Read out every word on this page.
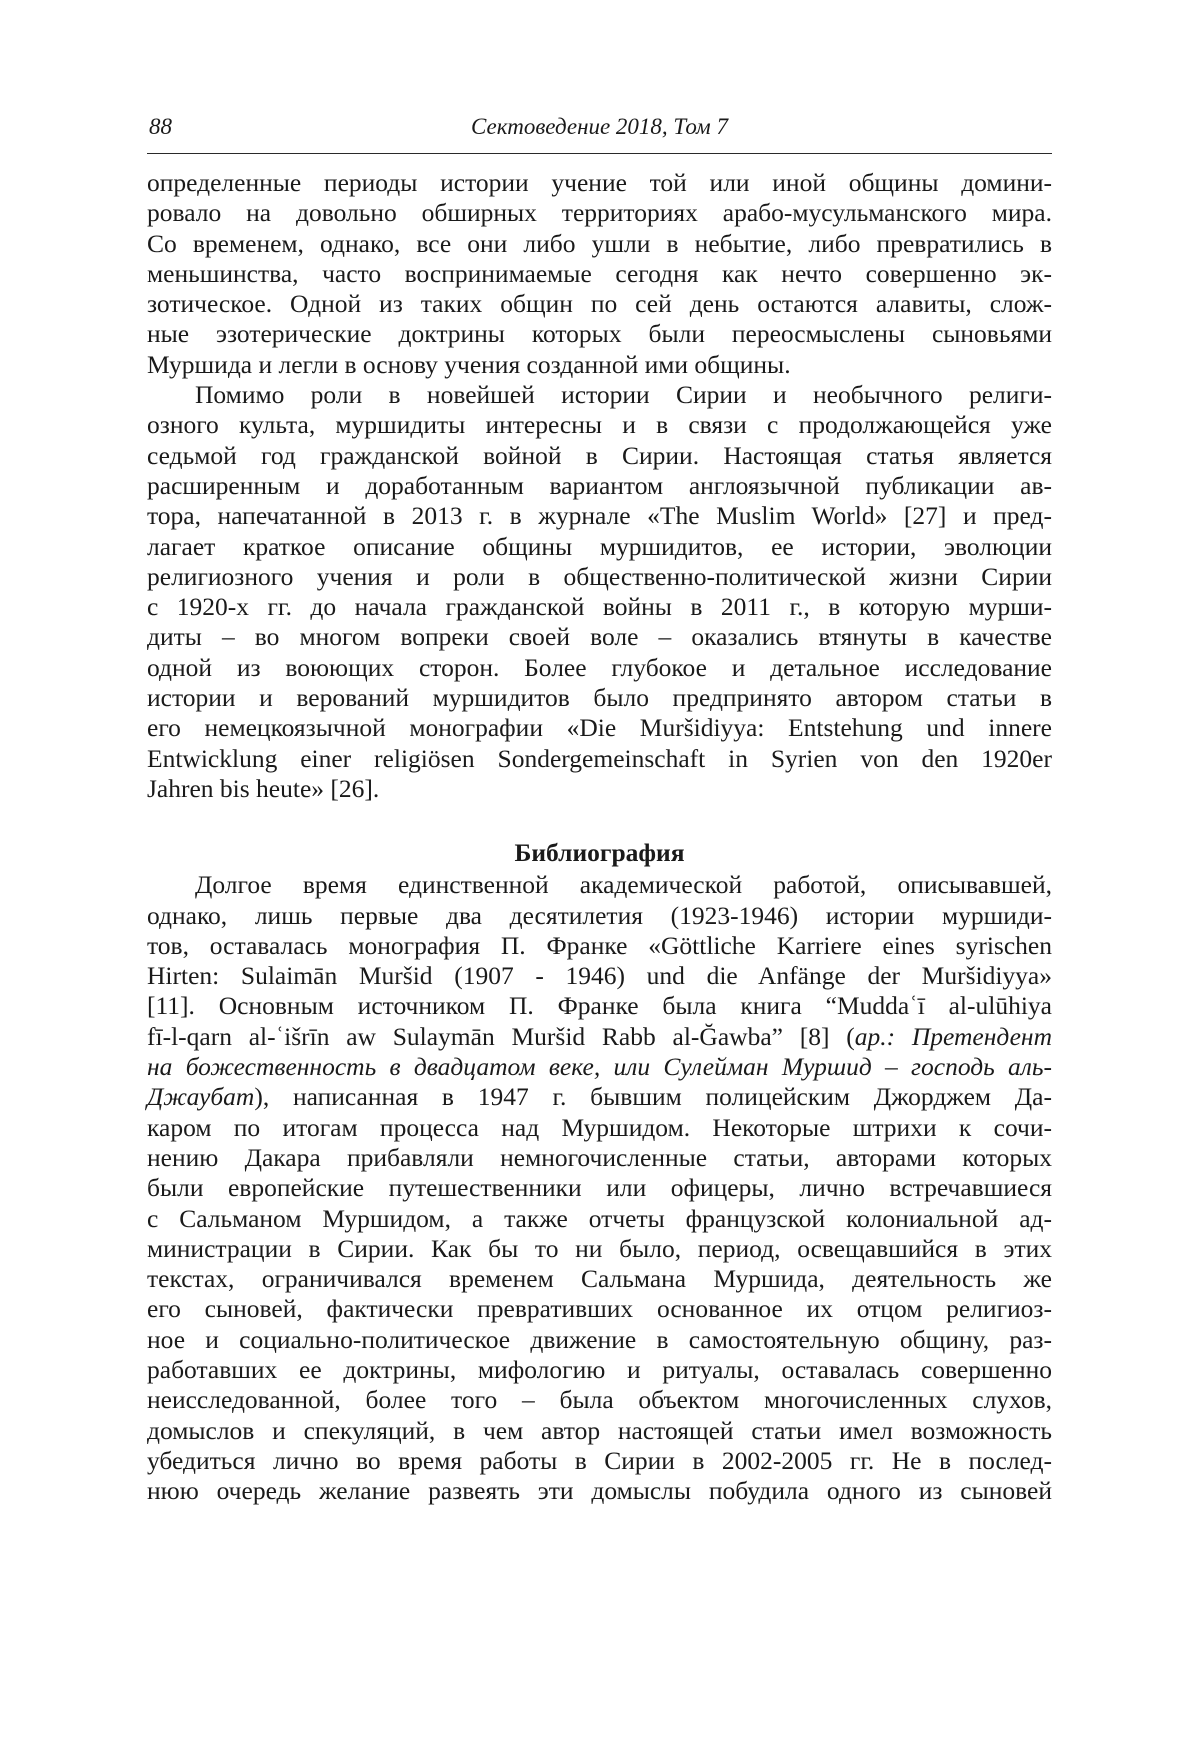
88	Сектоведение 2018, Том 7

определенные периоды истории учение той или иной общины домини-
ровало на довольно обширных территориях арабо-мусульманского мира.
Со временем, однако, все они либо ушли в небытие, либо превратились в
меньшинства, часто воспринимаемые сегодня как нечто совершенно эк-
зотическое. Одной из таких общин по сей день остаются алавиты, слож-
ные эзотерические доктрины которых были переосмыслены сыновьями
Муршида и легли в основу учения созданной ими общины.

Помимо роли в новейшей истории Сирии и необычного религи-
озного культа, муршидиты интересны и в связи с продолжающейся уже
седьмой год гражданской войной в Сирии. Настоящая статья является
расширенным и доработанным вариантом англоязычной публикации ав-
тора, напечатанной в 2013 г. в журнале «The Muslim World» [27] и пред-
лагает краткое описание общины муршидитов, ее истории, эволюции
религиозного учения и роли в общественно-политической жизни Сирии
с 1920-х гг. до начала гражданской войны в 2011 г., в которую мурши-
диты – во многом вопреки своей воле – оказались втянуты в качестве
одной из воюющих сторон. Более глубокое и детальное исследование
истории и верований муршидитов было предпринято автором статьи в
его немецкоязычной монографии «Die Muršidiyya: Entstehung und innere
Entwicklung einer religiösen Sondergemeinschaft in Syrien von den 1920er
Jahren bis heute» [26].

Библиография

Долгое время единственной академической работой, описывавшей,
однако, лишь первые два десятилетия (1923-1946) истории муршиди-
тов, оставалась монография П. Франке «Göttliche Karriere eines syrischen
Hirten: Sulaimān Muršid (1907 - 1946) und die Anfänge der Muršidiyya»
[11]. Основным источником П. Франке была книга “Muddaʿī al-ulūhiya
fī-l-qarn al-ʿišrīn aw Sulaymān Muršid Rabb al-Ğawba” [8] (ар.: Претендент
на божественность в двадцатом веке, или Сулейман Муршид – господь аль-
Джаубат), написанная в 1947 г. бывшим полицейским Джорджем Да-
каром по итогам процесса над Муршидом. Некоторые штрихи к сочи-
нению Дакара прибавляли немногочисленные статьи, авторами которых
были европейские путешественники или офицеры, лично встречавшиеся
с Сальманом Муршидом, а также отчеты французской колониальной ад-
министрации в Сирии. Как бы то ни было, период, освещавшийся в этих
текстах, ограничивался временем Сальмана Муршида, деятельность же
его сыновей, фактически превративших основанное их отцом религиоз-
ное и социально-политическое движение в самостоятельную общину, раз-
работавших ее доктрины, мифологию и ритуалы, оставалась совершенно
неисследованной, более того – была объектом многочисленных слухов,
домыслов и спекуляций, в чем автор настоящей статьи имел возможность
убедиться лично во время работы в Сирии в 2002-2005 гг. Не в послед-
нюю очередь желание развеять эти домыслы побудила одного из сыновей
